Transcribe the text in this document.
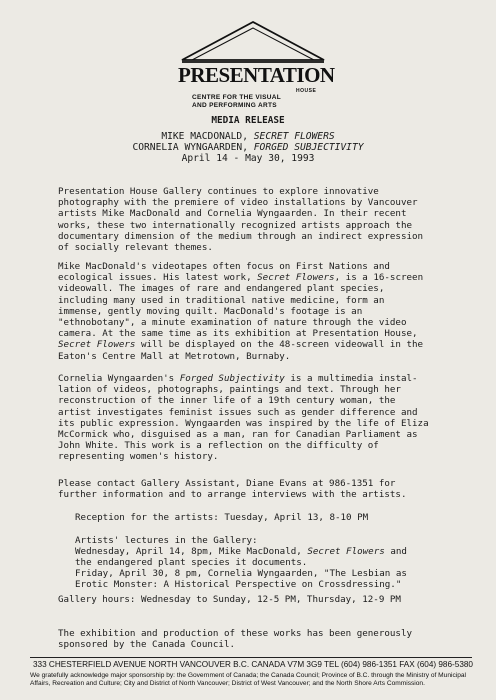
PRESENTATION
HOUSE
CENTRE FOR THE VISUAL
AND PERFORMING ARTS
MEDIA RELEASE
MIKE MACDONALD, SECRET FLOWERS
CORNELIA WYNGAARDEN, FORGED SUBJECTIVITY
April 14 - May 30, 1993
Presentation House Gallery continues to explore innovative
photography with the premiere of video installations by Vancouver
artists Mike MacDonald and Cornelia Wyngaarden. In their recent
works, these two internationally recognized artists approach the
documentary dimension of the medium through an indirect expression
of socially relevant themes.
Mike MacDonald's videotapes often focus on First Nations and
ecological issues. His latest work, Secret Flowers, is a 16-screen
videowall. The images of rare and endangered plant species,
including many used in traditional native medicine, form an
immense, gently moving quilt. MacDonald's footage is an
"ethnobotany", a minute examination of nature through the video
camera. At the same time as its exhibition at Presentation House,
Secret Flowers will be displayed on the 48-screen videowall in the
Eaton's Centre Mall at Metrotown, Burnaby.
Cornelia Wyngaarden's Forged Subjectivity is a multimedia instal-
lation of videos, photographs, paintings and text. Through her
reconstruction of the inner life of a 19th century woman, the
artist investigates feminist issues such as gender difference and
its public expression. Wyngaarden was inspired by the life of Eliza
McCormick who, disguised as a man, ran for Canadian Parliament as
John White. This work is a reflection on the difficulty of
representing women's history.
Please contact Gallery Assistant, Diane Evans at 986-1351 for
further information and to arrange interviews with the artists.
Reception for the artists: Tuesday, April 13, 8-10 PM
Artists' lectures in the Gallery:
Wednesday, April 14, 8pm, Mike MacDonald, Secret Flowers and
the endangered plant species it documents.
Friday, April 30, 8 pm, Cornelia Wyngaarden, "The Lesbian as
Erotic Monster: A Historical Perspective on Crossdressing."
Gallery hours: Wednesday to Sunday, 12-5 PM, Thursday, 12-9 PM
The exhibition and production of these works has been generously
sponsored by the Canada Council.
333 CHESTERFIELD AVENUE NORTH VANCOUVER B.C. CANADA V7M 3G9 TEL (604) 986-1351 FAX (604) 986-5380
We gratefully acknowledge major sponsorship by: the Government of Canada; the Canada Council; Province of B.C. through the Ministry of Municipal Affairs, Recreation and Culture; City and District of North Vancouver; District of West Vancouver; and the North Shore Arts Commission.
